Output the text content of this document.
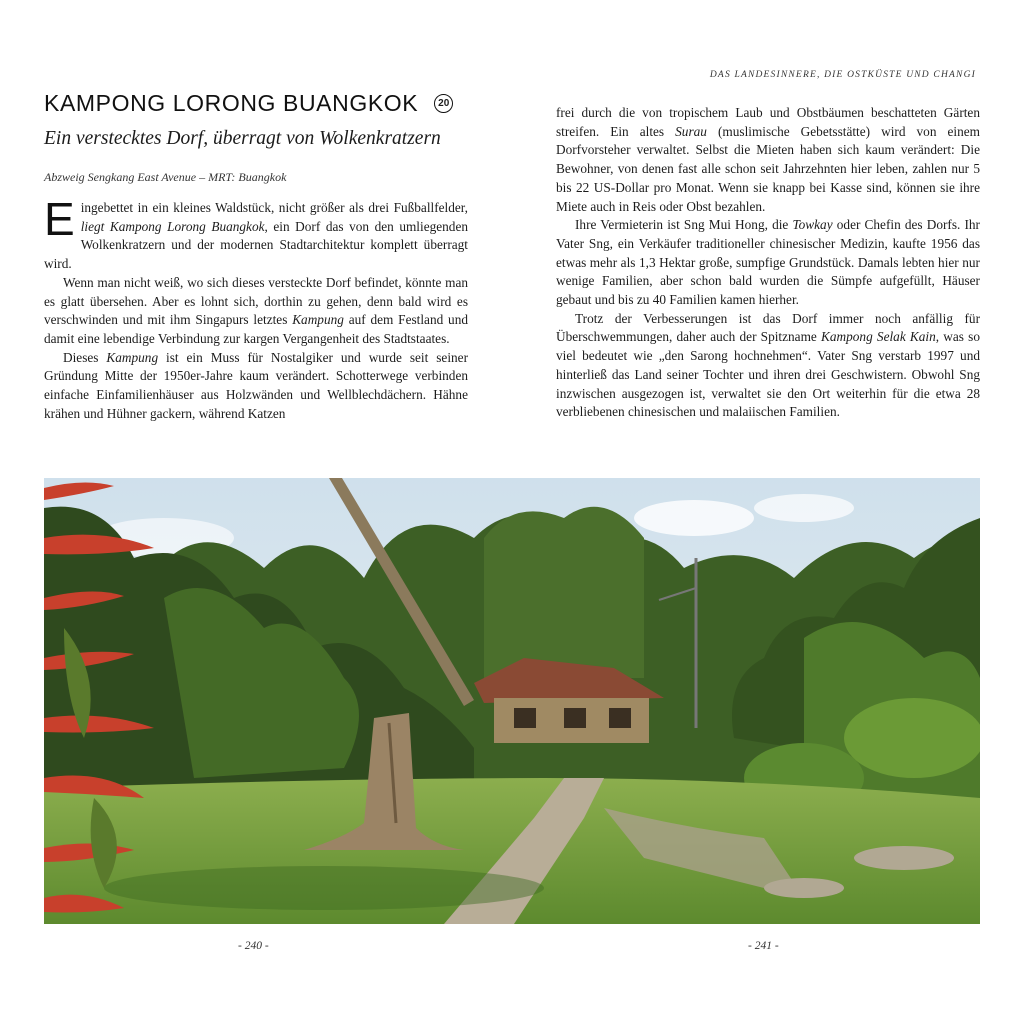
DAS LANDESINNERE, DIE OSTKÜSTE UND CHANGI
KAMPONG LORONG BUANGKOK	20
Ein verstecktes Dorf, überragt von Wolkenkratzern
Abzweig Sengkang East Avenue – MRT: Buangkok

Eingebettet in ein kleines Waldstück, nicht größer als drei Fußballfelder, liegt Kampong Lorong Buangkok, ein Dorf das von den umliegenden Wolkenkratzern und der modernen Stadtarchitektur komplett überragt wird.

Wenn man nicht weiß, wo sich dieses versteckte Dorf befindet, könnte man es glatt übersehen. Aber es lohnt sich, dorthin zu gehen, denn bald wird es verschwinden und mit ihm Singapurs letztes Kampung auf dem Festland und damit eine lebendige Verbindung zur kargen Vergangenheit des Stadtstaates.

Dieses Kampung ist ein Muss für Nostalgiker und wurde seit seiner Gründung Mitte der 1950er-Jahre kaum verändert. Schotterwege verbinden einfache Einfamilienhäuser aus Holzwänden und Wellblechdächern. Hähne krähen und Hühner gackern, während Katzen

frei durch die von tropischem Laub und Obstbäumen beschatteten Gärten streifen. Ein altes Surau (muslimische Gebetsstätte) wird von einem Dorfvorsteher verwaltet. Selbst die Mieten haben sich kaum verändert: Die Bewohner, von denen fast alle schon seit Jahrzehnten hier leben, zahlen nur 5 bis 22 US-Dollar pro Monat. Wenn sie knapp bei Kasse sind, können sie ihre Miete auch in Reis oder Obst bezahlen.

Ihre Vermieterin ist Sng Mui Hong, die Towkay oder Chefin des Dorfs. Ihr Vater Sng, ein Verkäufer traditioneller chinesischer Medizin, kaufte 1956 das etwas mehr als 1,3 Hektar große, sumpfige Grundstück. Damals lebten hier nur wenige Familien, aber schon bald wurden die Sümpfe aufgefüllt, Häuser gebaut und bis zu 40 Familien kamen hierher.

Trotz der Verbesserungen ist das Dorf immer noch anfällig für Überschwemmungen, daher auch der Spitzname Kampong Selak Kain, was so viel bedeutet wie „den Sarong hochnehmen“. Vater Sng verstarb 1997 und hinterließ das Land seiner Tochter und ihren drei Geschwistern. Obwohl Sng inzwischen ausgezogen ist, verwaltet sie den Ort weiterhin für die etwa 28 verbliebenen chinesischen und malaiischen Familien.

- 240 -	- 241 -
